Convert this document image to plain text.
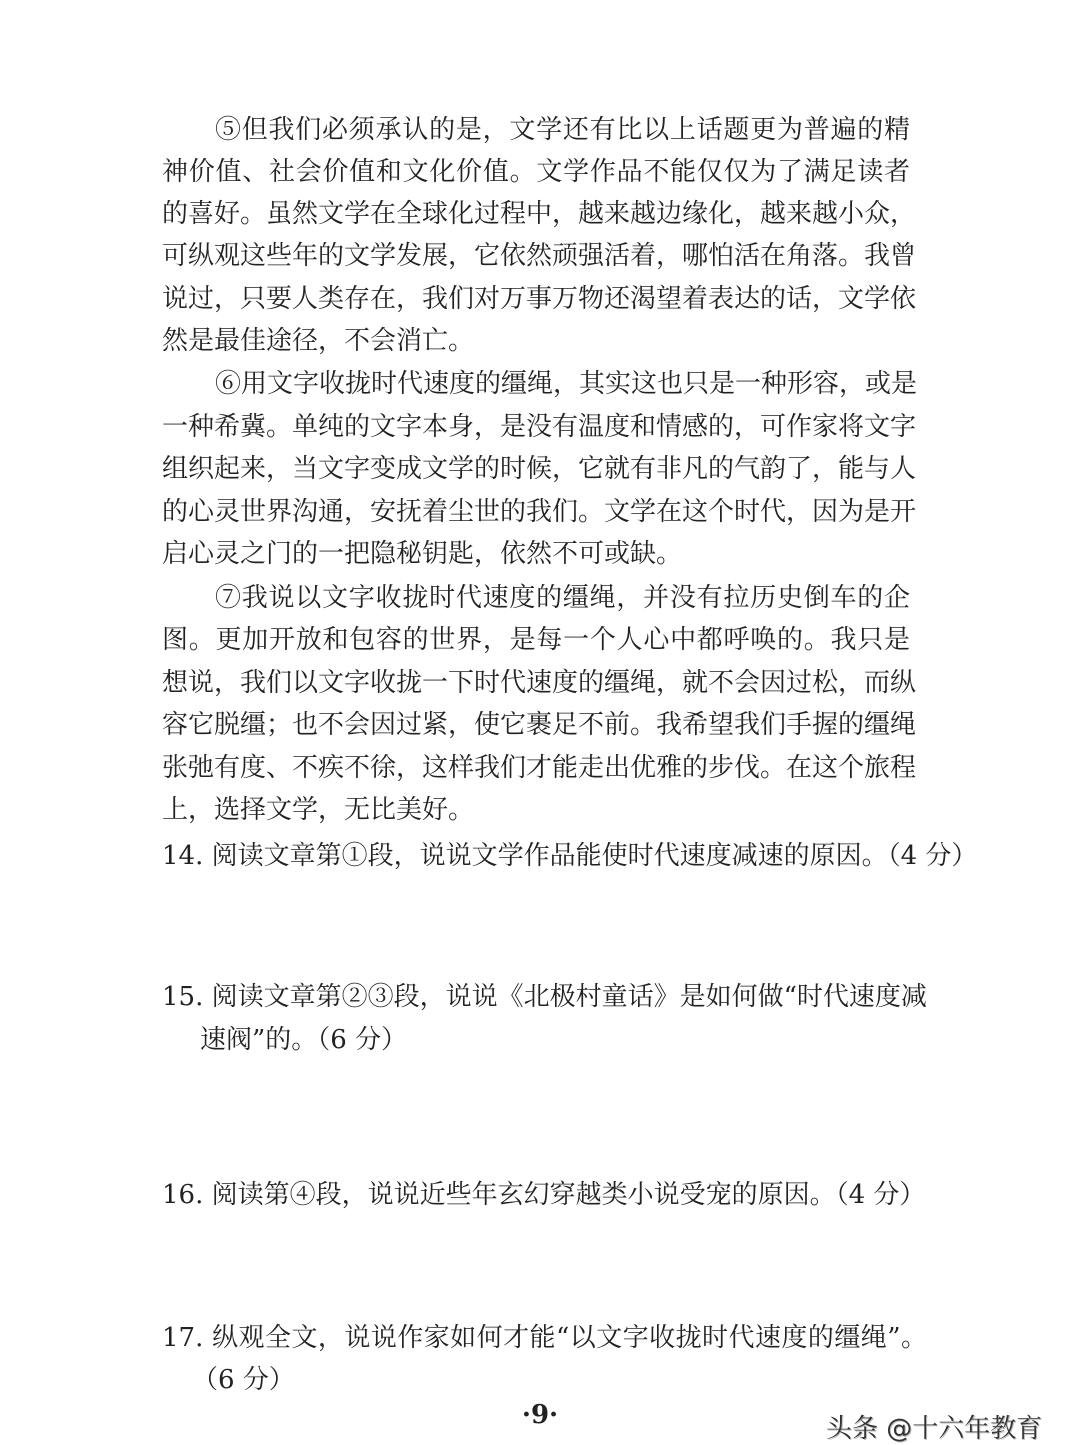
⑤但我们必须承认的是，文学还有比以上话题更为普遍的精
神价值、社会价值和文化价值。文学作品不能仅仅为了满足读者
的喜好。虽然文学在全球化过程中，越来越边缘化，越来越小众，
可纵观这些年的文学发展，它依然顽强活着，哪怕活在角落。我曾
说过，只要人类存在，我们对万事万物还渴望着表达的话，文学依
然是最佳途径，不会消亡。
⑥用文字收拢时代速度的缰绳，其实这也只是一种形容，或是
一种希冀。单纯的文字本身，是没有温度和情感的，可作家将文字
组织起来，当文字变成文学的时候，它就有非凡的气韵了，能与人
的心灵世界沟通，安抚着尘世的我们。文学在这个时代，因为是开
启心灵之门的一把隐秘钥匙，依然不可或缺。
⑦我说以文字收拢时代速度的缰绳，并没有拉历史倒车的企
图。更加开放和包容的世界，是每一个人心中都呼唤的。我只是
想说，我们以文字收拢一下时代速度的缰绳，就不会因过松，而纵
容它脱缰；也不会因过紧，使它裹足不前。我希望我们手握的缰绳
张弛有度、不疾不徐，这样我们才能走出优雅的步伐。在这个旅程
上，选择文学，无比美好。
14. 阅读文章第①段，说说文学作品能使时代速度减速的原因。（4 分）
15. 阅读文章第②③段，说说《北极村童话》是如何做“时代速度减
速阀”的。（6 分）
16. 阅读第④段，说说近些年玄幻穿越类小说受宠的原因。（4 分）
17. 纵观全文，说说作家如何才能“以文字收拢时代速度的缰绳”。
（6 分）
·9·	头条 @十六年教育
